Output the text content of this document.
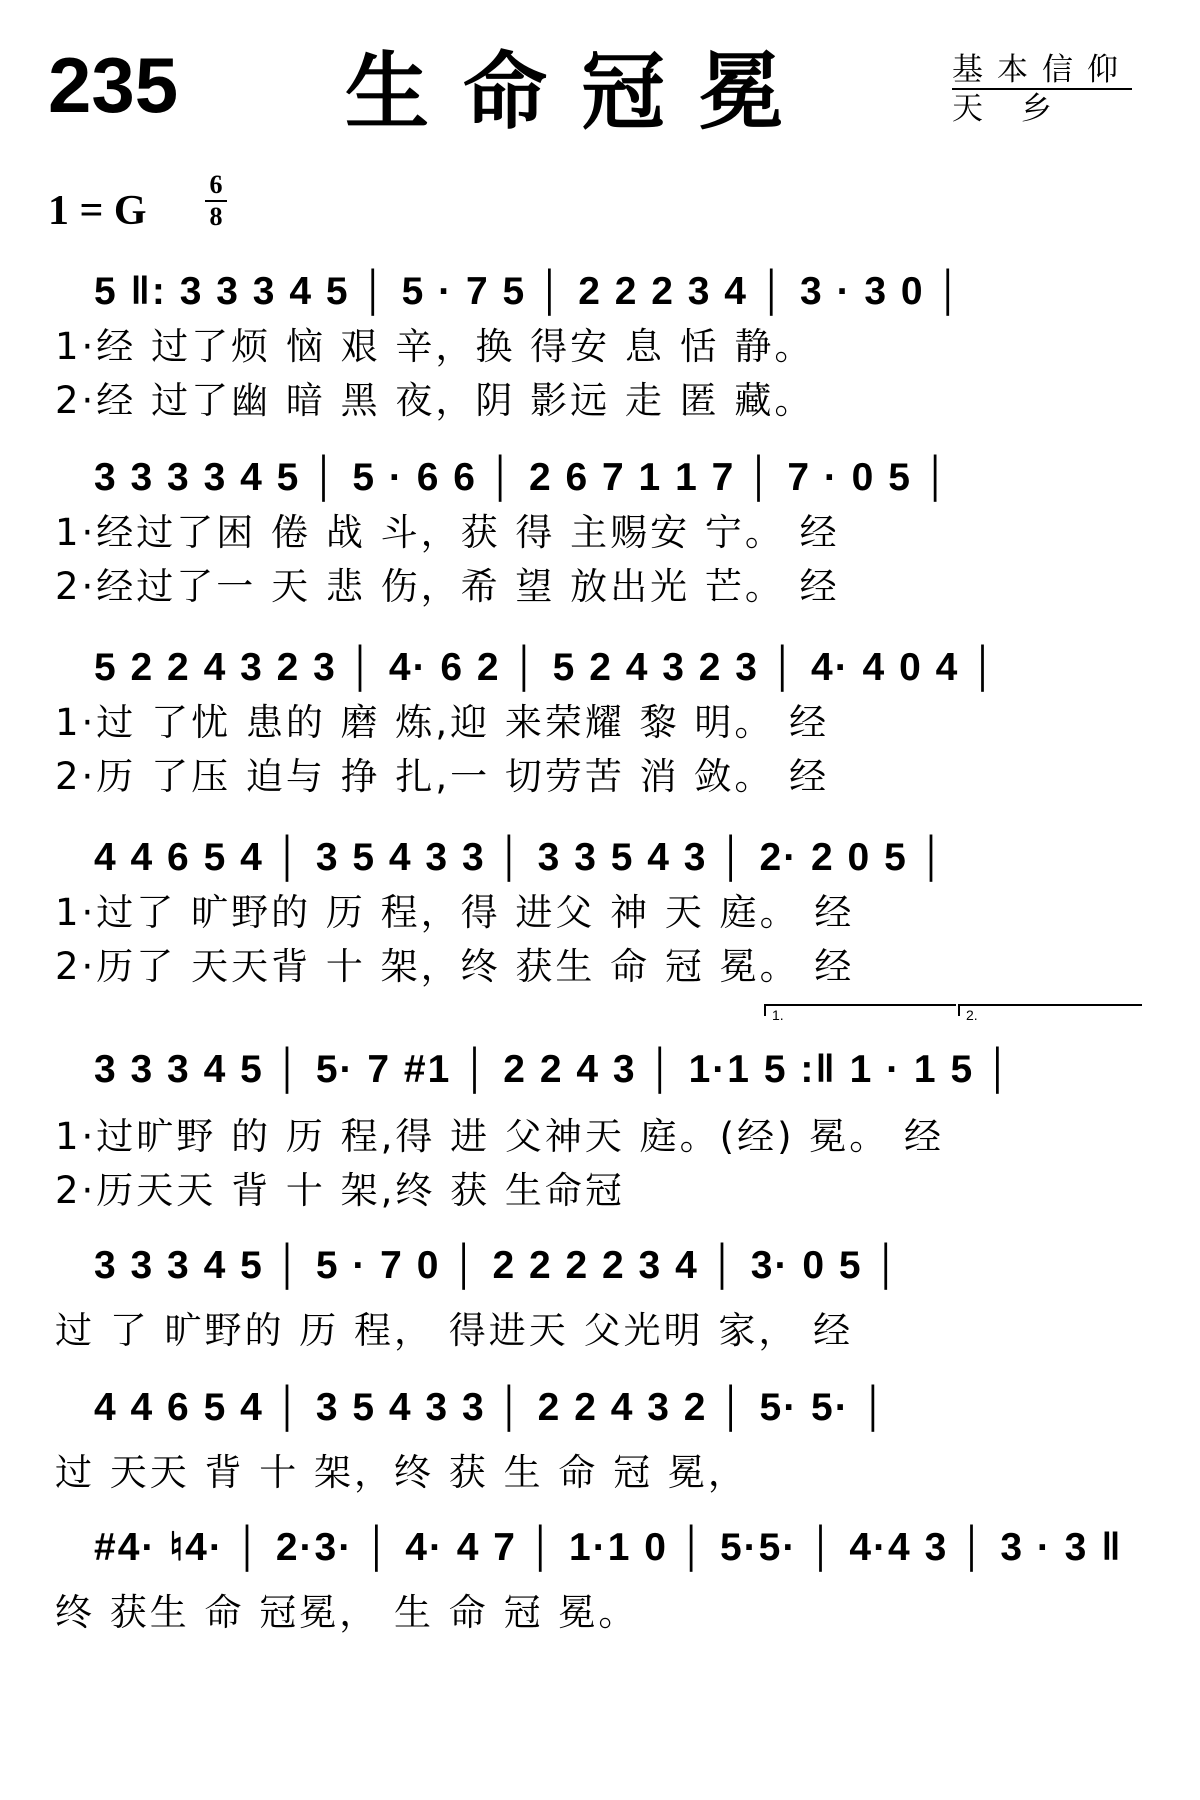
235 生命冠冕	基本信仰
天 乡
1 = G
6
8
5 ‖: 3 3 3 4 5 │ 5 · 7 5 │ 2 2 2 3 4 │ 3 · 3 0 │
1·经 过了烦 恼 艰 辛，换 得安 息 恬 静。
2·经 过了幽 暗 黑 夜，阴 影远 走 匿 藏。
3 3 3 3 4 5 │ 5 · 6 6 │ 2 6 7 1 1 7 │ 7 · 0 5 │
1·经过了困 倦 战 斗，获 得 主赐安 宁。 经
2·经过了一 天 悲 伤，希 望 放出光 芒。 经
5 2 2 4 3 2 3 │ 4· 6 2 │ 5 2 4 3 2 3 │ 4· 4 0 4 │
1·过 了忧 患的 磨 炼,迎 来荣耀 黎 明。 经
2·历 了压 迫与 挣 扎,一 切劳苦 消 敛。 经
4 4 6 5 4 │ 3 5 4 3 3 │ 3 3 5 4 3 │ 2· 2 0 5 │
1·过了 旷野的 历 程，得 进父 神 天 庭。 经
2·历了 天天背 十 架，终 获生 命 冠 冕。 经
1.	2.
3 3 3 4 5 │ 5· 7 #1 │ 2 2 4 3 │ 1·1 5 :‖ 1 · 1 5 │
1·过旷野 的 历 程,得 进 父神天 庭。(经) 冕。 经
2·历天天 背 十 架,终 获 生命冠
3 3 3 4 5 │ 5 · 7 0 │ 2 2 2 2 3 4 │ 3· 0 5 │
过 了 旷野的 历 程， 得进天 父光明 家， 经
4 4 6 5 4 │ 3 5 4 3 3 │ 2 2 4 3 2 │ 5· 5· │
过 天天 背 十 架，终 获 生 命 冠 冕，
#4· ♮4· │ 2·3· │ 4· 4 7 │ 1·1 0 │ 5·5· │ 4·4 3 │ 3 · 3 ‖
终 获生 命 冠冕， 生 命 冠 冕。
